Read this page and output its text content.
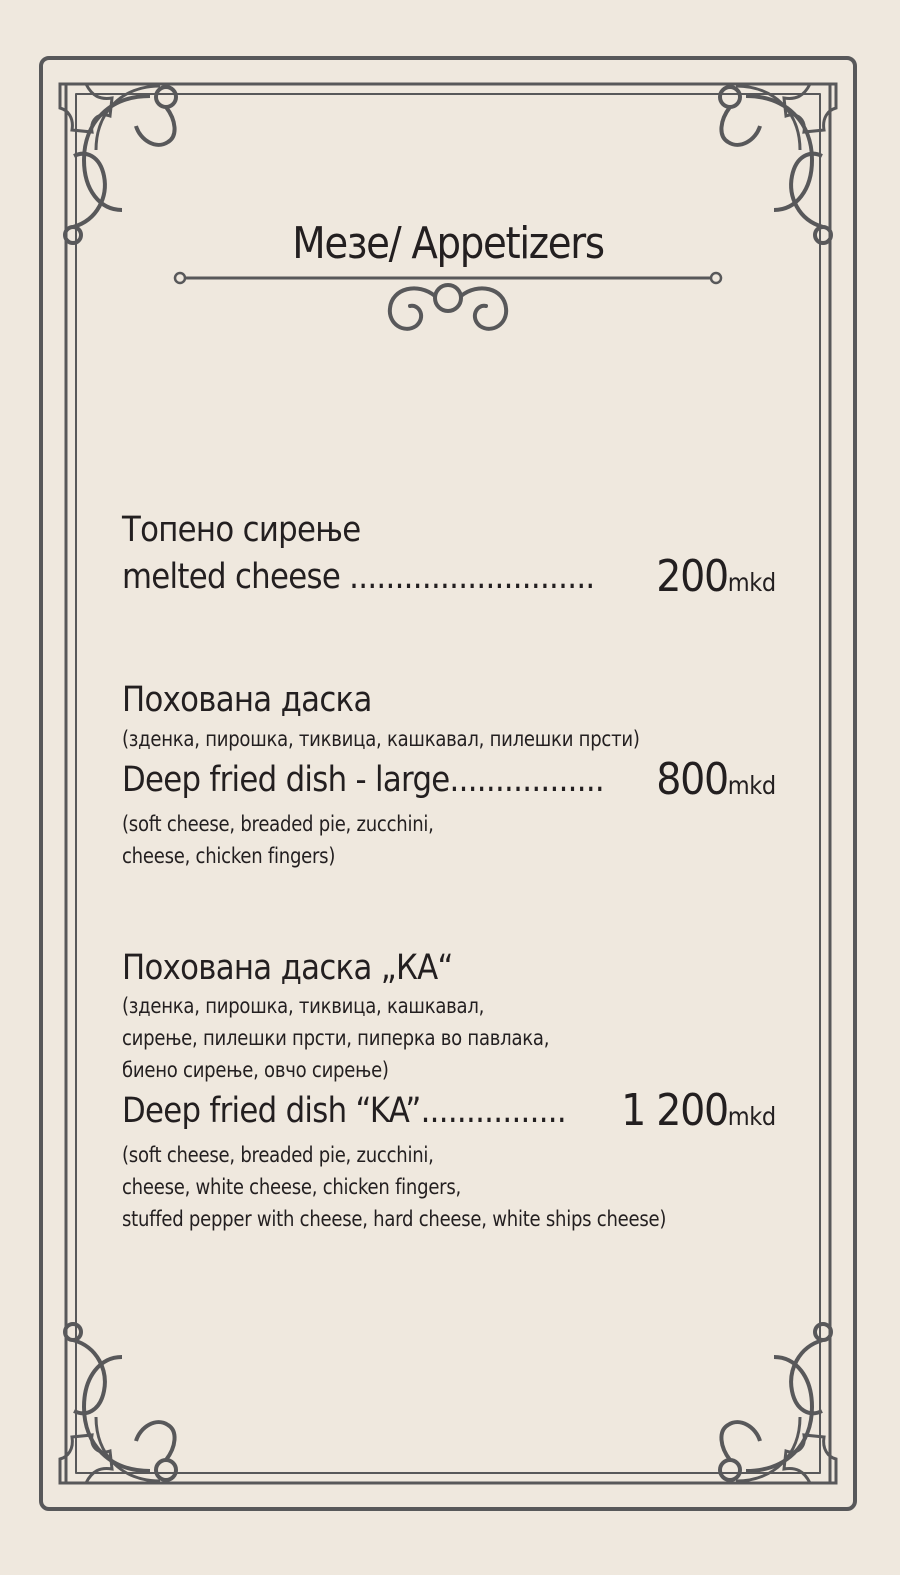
Мезе/ Appetizers
Топено сирење
melted cheese ........................... 200mkd
Похована даска
(зденка, пирошка, тиквица, кашкавал, пилешки прсти)
Deep fried dish - large................. 800mkd
(soft cheese, breaded pie, zucchini,
cheese, chicken fingers)
Похована даска „КА“
(зденка, пирошка, тиквица, кашкавал,
сирење, пилешки прсти, пиперка во павлака,
биено сирење, овчо сирење)
Deep fried dish “KA”................ 1 200mkd
(soft cheese, breaded pie, zucchini,
cheese, white cheese, chicken fingers,
stuffed pepper with cheese, hard cheese, white ships cheese)
